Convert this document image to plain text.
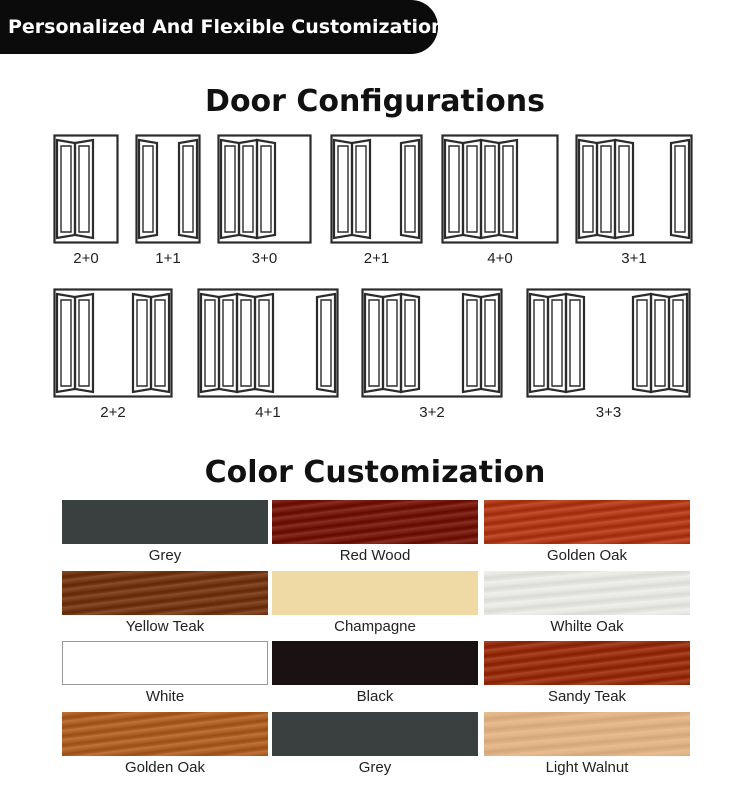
Personalized And Flexible Customization
Door Configurations
2+0	1+1	3+0	2+1	4+0	3+1
2+2	4+1	3+2	3+3
Color Customization
Grey	Red Wood	Golden Oak
Yellow Teak	Champagne	Whilte Oak
White	Black	Sandy Teak
Golden Oak	Grey	Light Walnut
